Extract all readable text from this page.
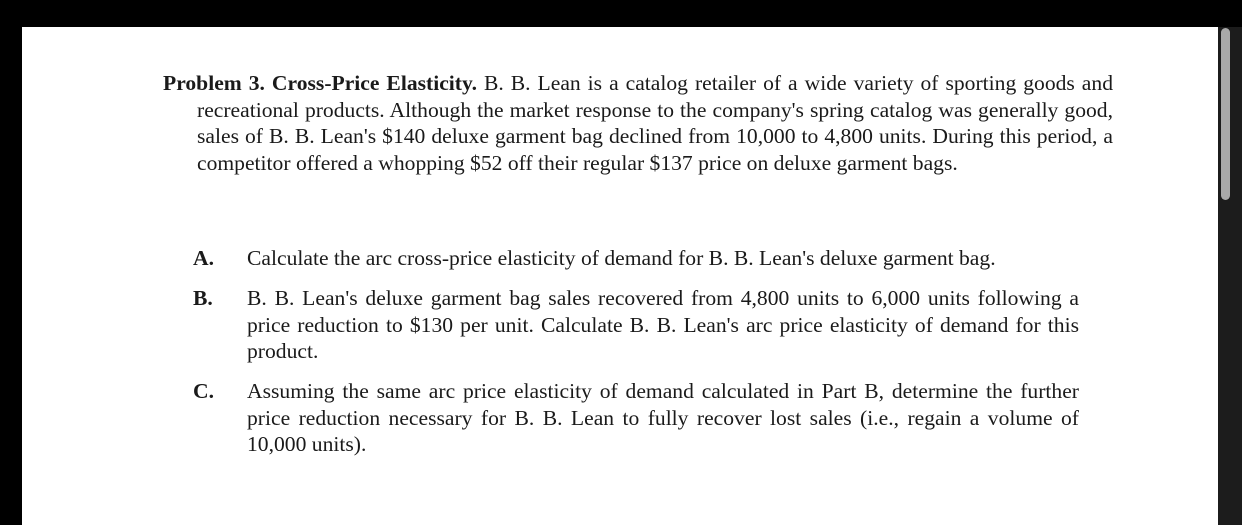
Problem 3. Cross-Price Elasticity. B. B. Lean is a catalog retailer of a wide variety of sporting goods and recreational products. Although the market response to the company's spring catalog was generally good, sales of B. B. Lean's $140 deluxe garment bag declined from 10,000 to 4,800 units. During this period, a competitor offered a whopping $52 off their regular $137 price on deluxe garment bags.
A. Calculate the arc cross-price elasticity of demand for B. B. Lean's deluxe garment bag.
B. B. B. Lean's deluxe garment bag sales recovered from 4,800 units to 6,000 units following a price reduction to $130 per unit. Calculate B. B. Lean's arc price elasticity of demand for this product.
C. Assuming the same arc price elasticity of demand calculated in Part B, determine the further price reduction necessary for B. B. Lean to fully recover lost sales (i.e., regain a volume of 10,000 units).
